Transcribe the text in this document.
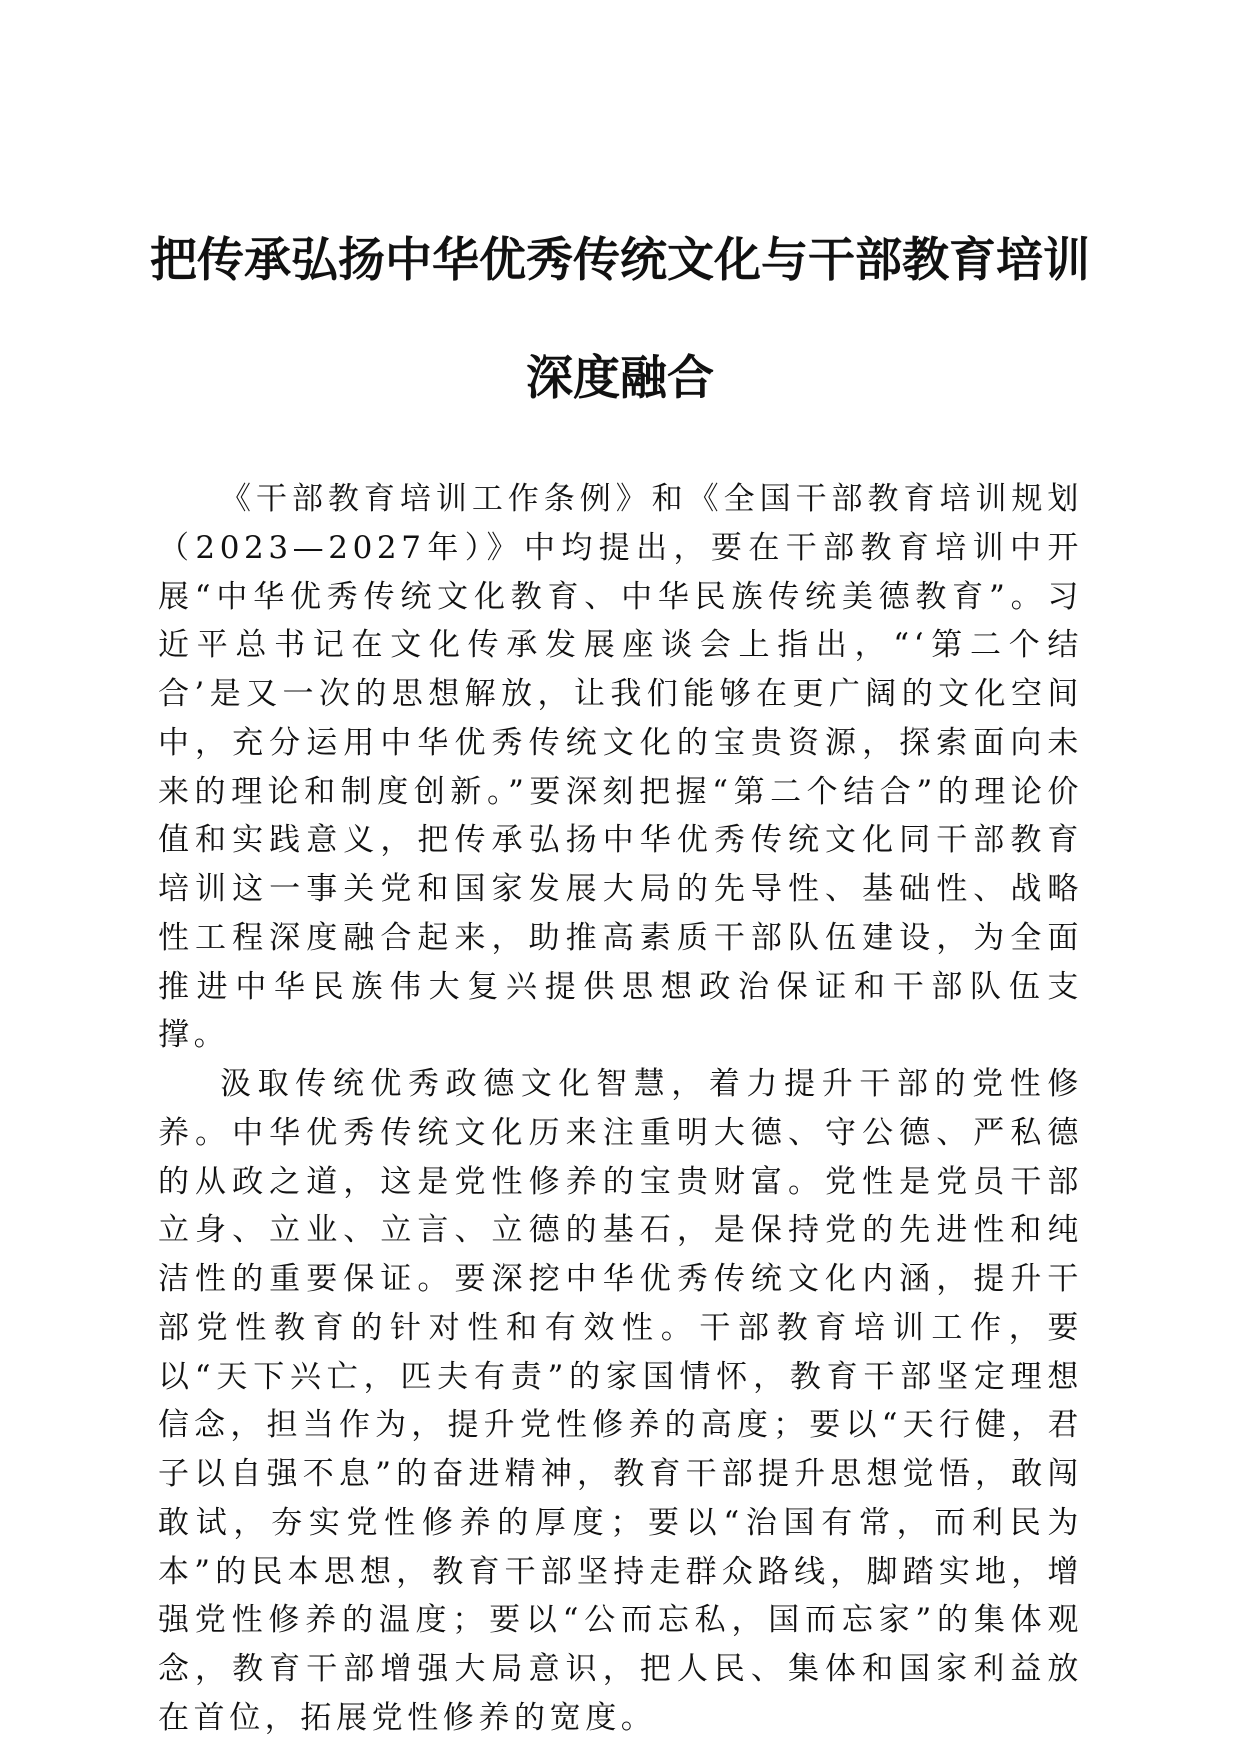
把传承弘扬中华优秀传统文化与干部教育培训
深度融合

《干部教育培训工作条例》和《全国干部教育培训规划（2023—2027年）》中均提出，要在干部教育培训中开展“中华优秀传统文化教育、中华民族传统美德教育”。习近平总书记在文化传承发展座谈会上指出，“‘第二个结合’是又一次的思想解放，让我们能够在更广阔的文化空间中，充分运用中华优秀传统文化的宝贵资源，探索面向未来的理论和制度创新。”要深刻把握“第二个结合”的理论价值和实践意义，把传承弘扬中华优秀传统文化同干部教育培训这一事关党和国家发展大局的先导性、基础性、战略性工程深度融合起来，助推高素质干部队伍建设，为全面推进中华民族伟大复兴提供思想政治保证和干部队伍支撑。

汲取传统优秀政德文化智慧，着力提升干部的党性修养。中华优秀传统文化历来注重明大德、守公德、严私德的从政之道，这是党性修养的宝贵财富。党性是党员干部立身、立业、立言、立德的基石，是保持党的先进性和纯洁性的重要保证。要深挖中华优秀传统文化内涵，提升干部党性教育的针对性和有效性。干部教育培训工作，要以“天下兴亡，匹夫有责”的家国情怀，教育干部坚定理想信念，担当作为，提升党性修养的高度；要以“天行健，君子以自强不息”的奋进精神，教育干部提升思想觉悟，敢闯敢试，夯实党性修养的厚度；要以“治国有常，而利民为本”的民本思想，教育干部坚持走群众路线，脚踏实地，增强党性修养的温度；要以“公而忘私，国而忘家”的集体观念，教育干部增强大局意识，把人民、集体和国家利益放在首位，拓展党性修养的宽度。
